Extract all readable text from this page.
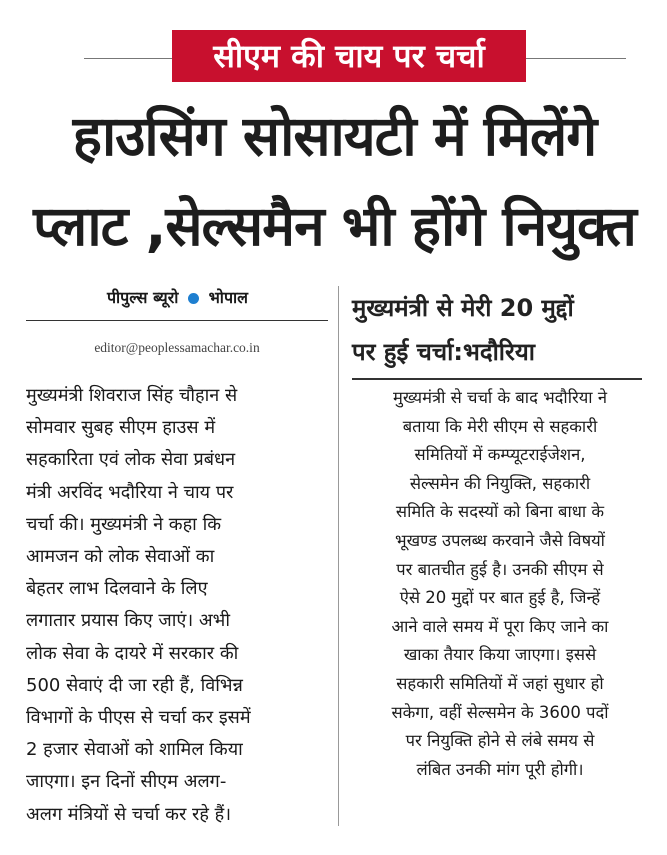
सीएम की चाय पर चर्चा
हाउसिंग सोसायटी में मिलेंगे
प्लाट ,सेल्समैन भी होंगे नियुक्त
पीपुल्स ब्यूरो भोपाल
editor@peoplessamachar.co.in
मुख्यमंत्री शिवराज सिंह चौहान से
सोमवार सुबह सीएम हाउस में
सहकारिता एवं लोक सेवा प्रबंधन
मंत्री अरविंद भदौरिया ने चाय पर
चर्चा की। मुख्यमंत्री ने कहा कि
आमजन को लोक सेवाओं का
बेहतर लाभ दिलवाने के लिए
लगातार प्रयास किए जाएं। अभी
लोक सेवा के दायरे में सरकार की
500 सेवाएं दी जा रही हैं, विभिन्न
विभागों के पीएस से चर्चा कर इसमें
2 हजार सेवाओं को शामिल किया
जाएगा। इन दिनों सीएम अलग-
अलग मंत्रियों से चर्चा कर रहे हैं।
मुख्यमंत्री से मेरी 20 मुद्दों
पर हुई चर्चा:भदौरिया
मुख्यमंत्री से चर्चा के बाद भदौरिया ने
बताया कि मेरी सीएम से सहकारी
समितियों में कम्प्यूटराईजेशन,
सेल्समेन की नियुक्ति, सहकारी
समिति के सदस्यों को बिना बाधा के
भूखण्ड उपलब्ध करवाने जैसे विषयों
पर बातचीत हुई है। उनकी सीएम से
ऐसे 20 मुद्दों पर बात हुई है, जिन्हें
आने वाले समय में पूरा किए जाने का
खाका तैयार किया जाएगा। इससे
सहकारी समितियों में जहां सुधार हो
सकेगा, वहीं सेल्समेन के 3600 पदों
पर नियुक्ति होने से लंबे समय से
लंबित उनकी मांग पूरी होगी।
